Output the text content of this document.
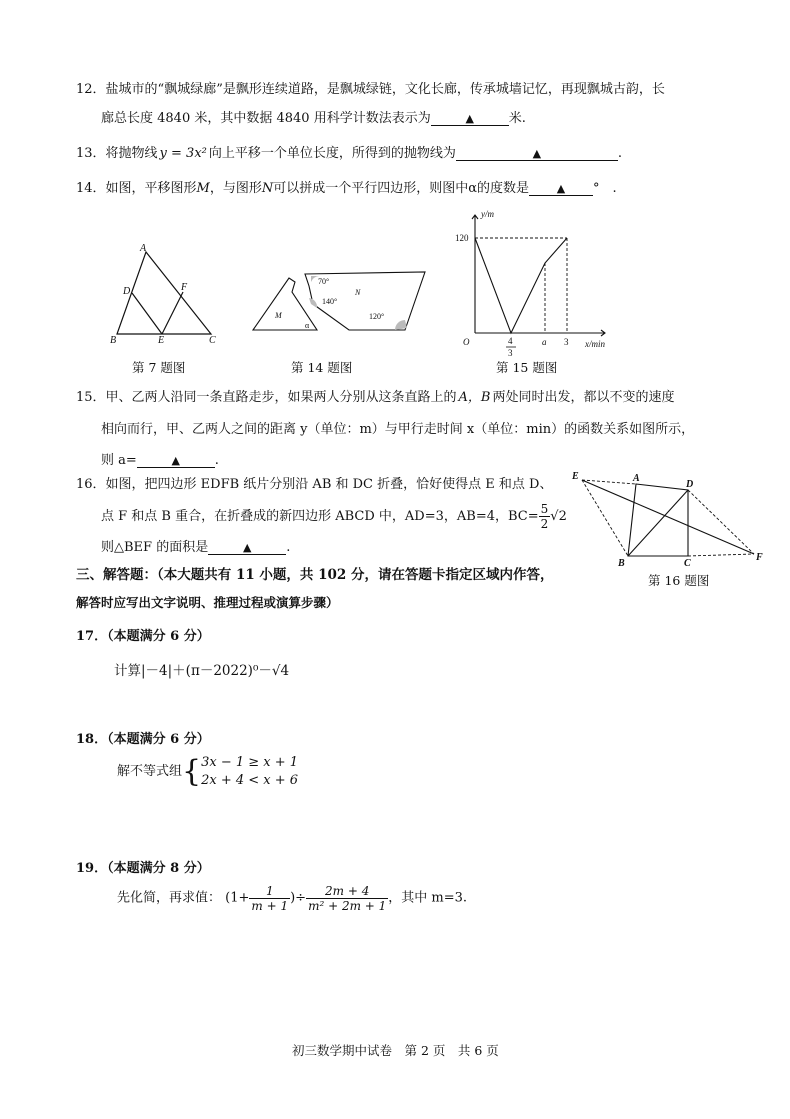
12．盐城市的“飘城绿廊”是飘形连续道路，是飘城绿链，文化长廊，传承城墙记忆，再现飘城古韵，长
廊总长度 4840 米，其中数据 4840 用科学计数法表示为	▲	米.
13．将抛物线 y = 3x² 向上平移一个单位长度，所得到的抛物线为	▲	.
14．如图，平移图形M，与图形N可以拼成一个平行四边形，则图中α的度数是	▲ °　.
A
D	F
B	E	C
第 7 题图
M
N
α
70°
140°
120°
第 14 题图
y/m
120
O	4
3
a 3 x/min
第 15 题图
15．甲、乙两人沿同一条直路走步，如果两人分别从这条直路上的 A，B 两处同时出发，都以不变的速度
相向而行，甲、乙两人之间的距离 y（单位：m）与甲行走时间 x（单位：min）的函数关系如图所示，
则 a=	▲	.
E	A
D
F
B	C
第 16 题图
16．如图，把四边形 EDFB 纸片分别沿 AB 和 DC 折叠，恰好使得点 E 和点 D、
点 F 和点 B 重合，在折叠成的新四边形 ABCD 中，AD=3，AB=4，$BC= \frac{5}{2} √2$
则△BEF 的面积是	▲	.
三、解答题：（本大题共有 11 小题，共 102 分，请在答题卡指定区域内作答，
解答时应写出文字说明、推理过程或演算步骤）
17．（本题满分 6 分）
计算|－4|＋(π－2022)⁰－√4
18．（本题满分 6 分）
解不等式组{ 3x − 1 ≥ x + 1
2x + 4 < x + 6
19．（本题满分 8 分）
先化简，再求值： ($1+ \frac{1}{m + 1}$ )÷ $\frac{2m + 4}{\text{m² + 2m + 1}}$ ，其中 m=3.
初三数学期中试卷　第 2 页　共 6 页
